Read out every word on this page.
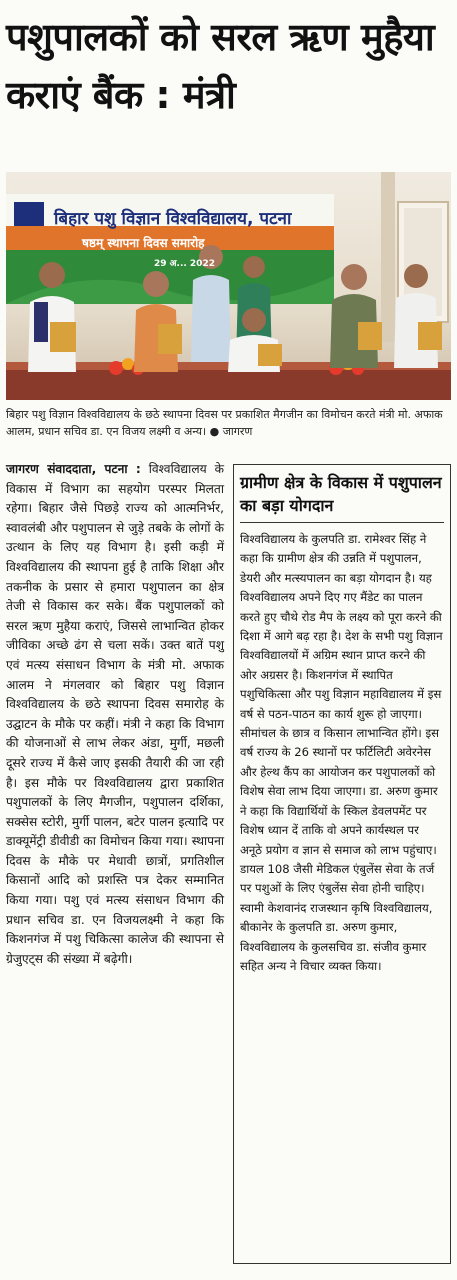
पशुपालकों को सरल ऋण मुहैया कराएं बैंक : मंत्री
बिहार पशु विज्ञान विश्वविद्यालय, पटना
षष्ठम् स्थापना दिवस समारोह
29 अ... 2022
बिहार पशु विज्ञान विश्वविद्यालय के छठे स्थापना दिवस पर प्रकाशित मैगजीन का विमोचन करते मंत्री मो. अफाक आलम, प्रधान सचिव डा. एन विजय लक्ष्मी व अन्य। ● जागरण
जागरण संवाददाता, पटना : विश्वविद्यालय के विकास में विभाग का सहयोग परस्पर मिलता रहेगा। बिहार जैसे पिछड़े राज्य को आत्मनिर्भर, स्वावलंबी और पशुपालन से जुड़े तबके के लोगों के उत्थान के लिए यह विभाग है। इसी कड़ी में विश्वविद्यालय की स्थापना हुई है ताकि शिक्षा और तकनीक के प्रसार से हमारा पशुपालन का क्षेत्र तेजी से विकास कर सके। बैंक पशुपालकों को सरल ऋण मुहैया कराएं, जिससे लाभान्वित होकर जीविका अच्छे ढंग से चला सकें। उक्त बातें पशु एवं मत्स्य संसाधन विभाग के मंत्री मो. अफाक आलम ने मंगलवार को बिहार पशु विज्ञान विश्वविद्यालय के छठे स्थापना दिवस समारोह के उद्घाटन के मौके पर कहीं। मंत्री ने कहा कि विभाग की योजनाओं से लाभ लेकर अंडा, मुर्गी, मछली दूसरे राज्य में कैसे जाए इसकी तैयारी की जा रही है। इस मौके पर विश्वविद्यालय द्वारा प्रकाशित पशुपालकों के लिए मैगजीन, पशुपालन दर्शिका, सक्सेस स्टोरी, मुर्गी पालन, बटेर पालन इत्यादि पर डाक्यूमेंट्री डीवीडी का विमोचन किया गया। स्थापना दिवस के मौके पर मेधावी छात्रों, प्रगतिशील किसानों आदि को प्रशस्ति पत्र देकर सम्मानित किया गया। पशु एवं मत्स्य संसाधन विभाग की प्रधान सचिव डा. एन विजयलक्ष्मी ने कहा कि किशनगंज में पशु चिकित्सा कालेज की स्थापना से ग्रेजुएट्स की संख्या में बढ़ेगी।
ग्रामीण क्षेत्र के विकास में पशुपालन का बड़ा योगदान
विश्वविद्यालय के कुलपति डा. रामेश्वर सिंह ने कहा कि ग्रामीण क्षेत्र की उन्नति में पशुपालन, डेयरी और मत्स्यपालन का बड़ा योगदान है। यह विश्वविद्यालय अपने दिए गए मैंडेट का पालन करते हुए चौथे रोड मैप के लक्ष्य को पूरा करने की दिशा में आगे बढ़ रहा है। देश के सभी पशु विज्ञान विश्वविद्यालयों में अग्रिम स्थान प्राप्त करने की ओर अग्रसर है। किशनगंज में स्थापित पशुचिकित्सा और पशु विज्ञान महाविद्यालय में इस वर्ष से पठन-पाठन का कार्य शुरू हो जाएगा। सीमांचल के छात्र व किसान लाभान्वित होंगे। इस वर्ष राज्य के 26 स्थानों पर फर्टिलिटी अवेरनेस और हेल्थ कैंप का आयोजन कर पशुपालकों को विशेष सेवा लाभ दिया जाएगा। डा. अरुण कुमार ने कहा कि विद्यार्थियों के स्किल डेवलपमेंट पर विशेष ध्यान दें ताकि वो अपने कार्यस्थल पर अनूठे प्रयोग व ज्ञान से समाज को लाभ पहुंचाए। डायल 108 जैसी मेडिकल एंबुलेंस सेवा के तर्ज पर पशुओं के लिए एंबुलेंस सेवा होनी चाहिए। स्वामी केशवानंद राजस्थान कृषि विश्वविद्यालय, बीकानेर के कुलपति डा. अरुण कुमार, विश्वविद्यालय के कुलसचिव डा. संजीव कुमार सहित अन्य ने विचार व्यक्त किया।
